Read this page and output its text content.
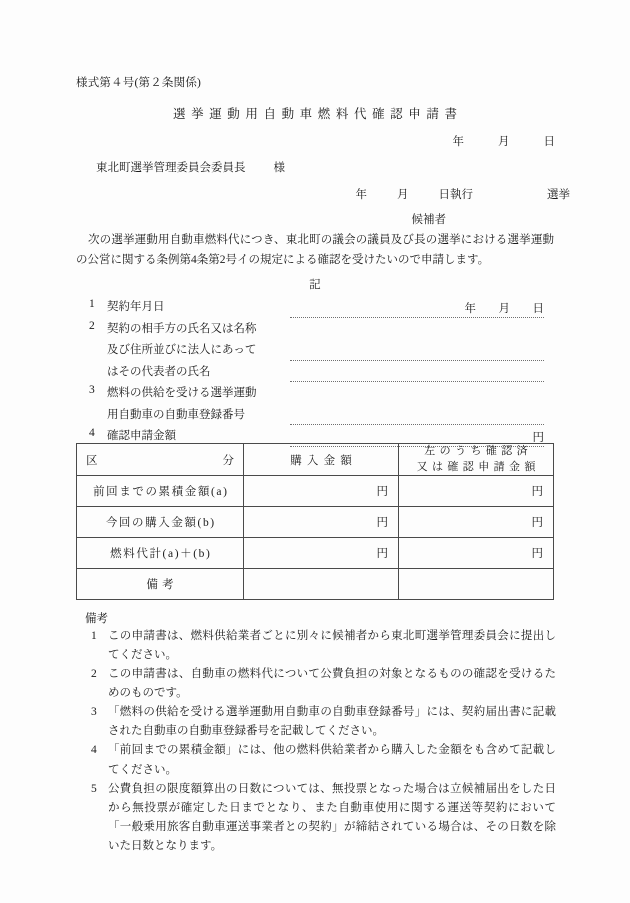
様式第４号(第２条関係)
選挙運動用自動車燃料代確認申請書
年	月	日
東北町選挙管理委員会委員長 様
年	月	日執行	選挙
候補者
次の選挙運動用自動車燃料代につき、東北町の議会の議員及び長の選挙における選挙運動の公営に関する条例第4条第2号イの規定による確認を受けたいので申請します。
記
1	契約年月日	年 月 日
2	契約の相手方の氏名又は名称
及び住所並びに法人にあって
はその代表者の氏名
3	燃料の供給を受ける選挙運動
用自動車の自動車登録番号
4	確認申請金額	円
区 分	購入金額	左のうち確認済
又は確認申請金額

前回までの累積金額(a)	円	円

今回の購入金額(b)	円	円

燃料代計(a)＋(b)	円	円

備考		

備考
1 この申請書は、燃料供給業者ごとに別々に候補者から東北町選挙管理委員会に提出してください。
2 この申請書は、自動車の燃料代について公費負担の対象となるものの確認を受けるためのものです。
3 「燃料の供給を受ける選挙運動用自動車の自動車登録番号」には、契約届出書に記載された自動車の自動車登録番号を記載してください。
4 「前回までの累積金額」には、他の燃料供給業者から購入した金額をも含めて記載してください。
5 公費負担の限度額算出の日数については、無投票となった場合は立候補届出をした日から無投票が確定した日までとなり、また自動車使用に関する運送等契約において「一般乗用旅客自動車運送事業者との契約」が締結されている場合は、その日数を除いた日数となります。
